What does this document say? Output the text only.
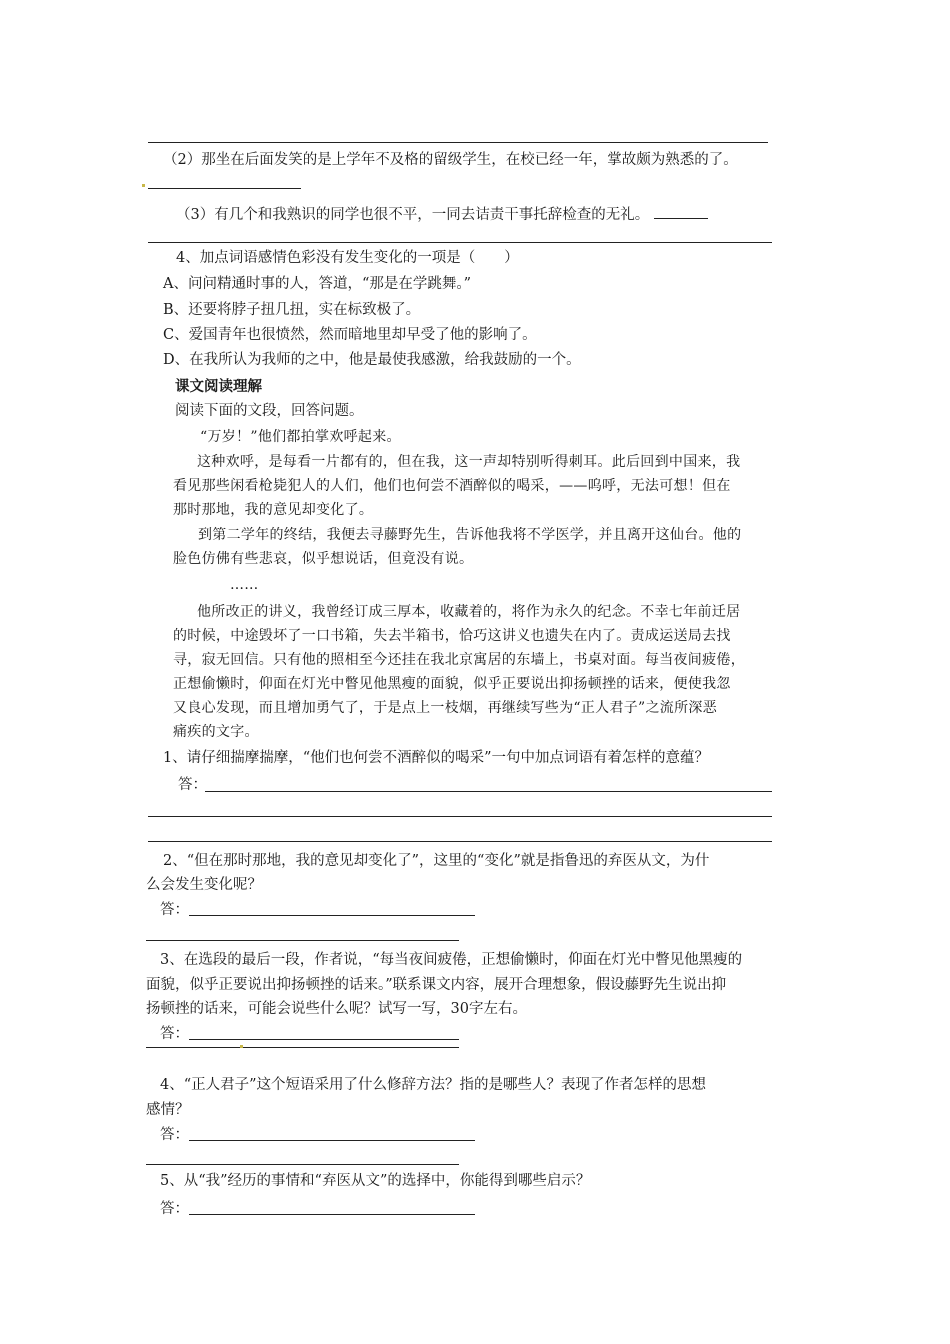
（2）那坐在后面发笑的是上学年不及格的留级学生，在校已经一年，掌故颇为熟悉的了。
（3）有几个和我熟识的同学也很不平，一同去诘责干事托辞检查的无礼。
4、加点词语感情色彩没有发生变化的一项是（　　）
A、问问精通时事的人，答道，“那是在学跳舞。”
B、还要将脖子扭几扭，实在标致极了。
C、爱国青年也很愤然，然而暗地里却早受了他的影响了。
D、在我所认为我师的之中，他是最使我感激，给我鼓励的一个。
课文阅读理解
阅读下面的文段，回答问题。
“万岁！”他们都拍掌欢呼起来。
这种欢呼，是每看一片都有的，但在我，这一声却特别听得刺耳。此后回到中国来，我
看见那些闲看枪毙犯人的人们，他们也何尝不酒醉似的喝采，——呜呼，无法可想！但在
那时那地，我的意见却变化了。
到第二学年的终结，我便去寻藤野先生，告诉他我将不学医学，并且离开这仙台。他的
脸色仿佛有些悲哀，似乎想说话，但竟没有说。
……
他所改正的讲义，我曾经订成三厚本，收藏着的，将作为永久的纪念。不幸七年前迁居
的时候，中途毁坏了一口书箱，失去半箱书，恰巧这讲义也遗失在内了。责成运送局去找
寻，寂无回信。只有他的照相至今还挂在我北京寓居的东墙上，书桌对面。每当夜间疲倦，
正想偷懒时，仰面在灯光中瞥见他黑瘦的面貌，似乎正要说出抑扬顿挫的话来，便使我忽
又良心发现，而且增加勇气了，于是点上一枝烟，再继续写些为“正人君子”之流所深恶
痛疾的文字。
1、请仔细揣摩揣摩，“他们也何尝不酒醉似的喝采”一句中加点词语有着怎样的意蕴？
答：
2、“但在那时那地，我的意见却变化了”，这里的“变化”就是指鲁迅的弃医从文，为什
么会发生变化呢？
答：
3、在选段的最后一段，作者说，“每当夜间疲倦，正想偷懒时，仰面在灯光中瞥见他黑瘦的
面貌，似乎正要说出抑扬顿挫的话来。”联系课文内容，展开合理想象，假设藤野先生说出抑
扬顿挫的话来，可能会说些什么呢？试写一写，30字左右。
答：
4、“正人君子”这个短语采用了什么修辞方法？指的是哪些人？表现了作者怎样的思想
感情？
答：
5、从“我”经历的事情和“弃医从文”的选择中，你能得到哪些启示？
答：
